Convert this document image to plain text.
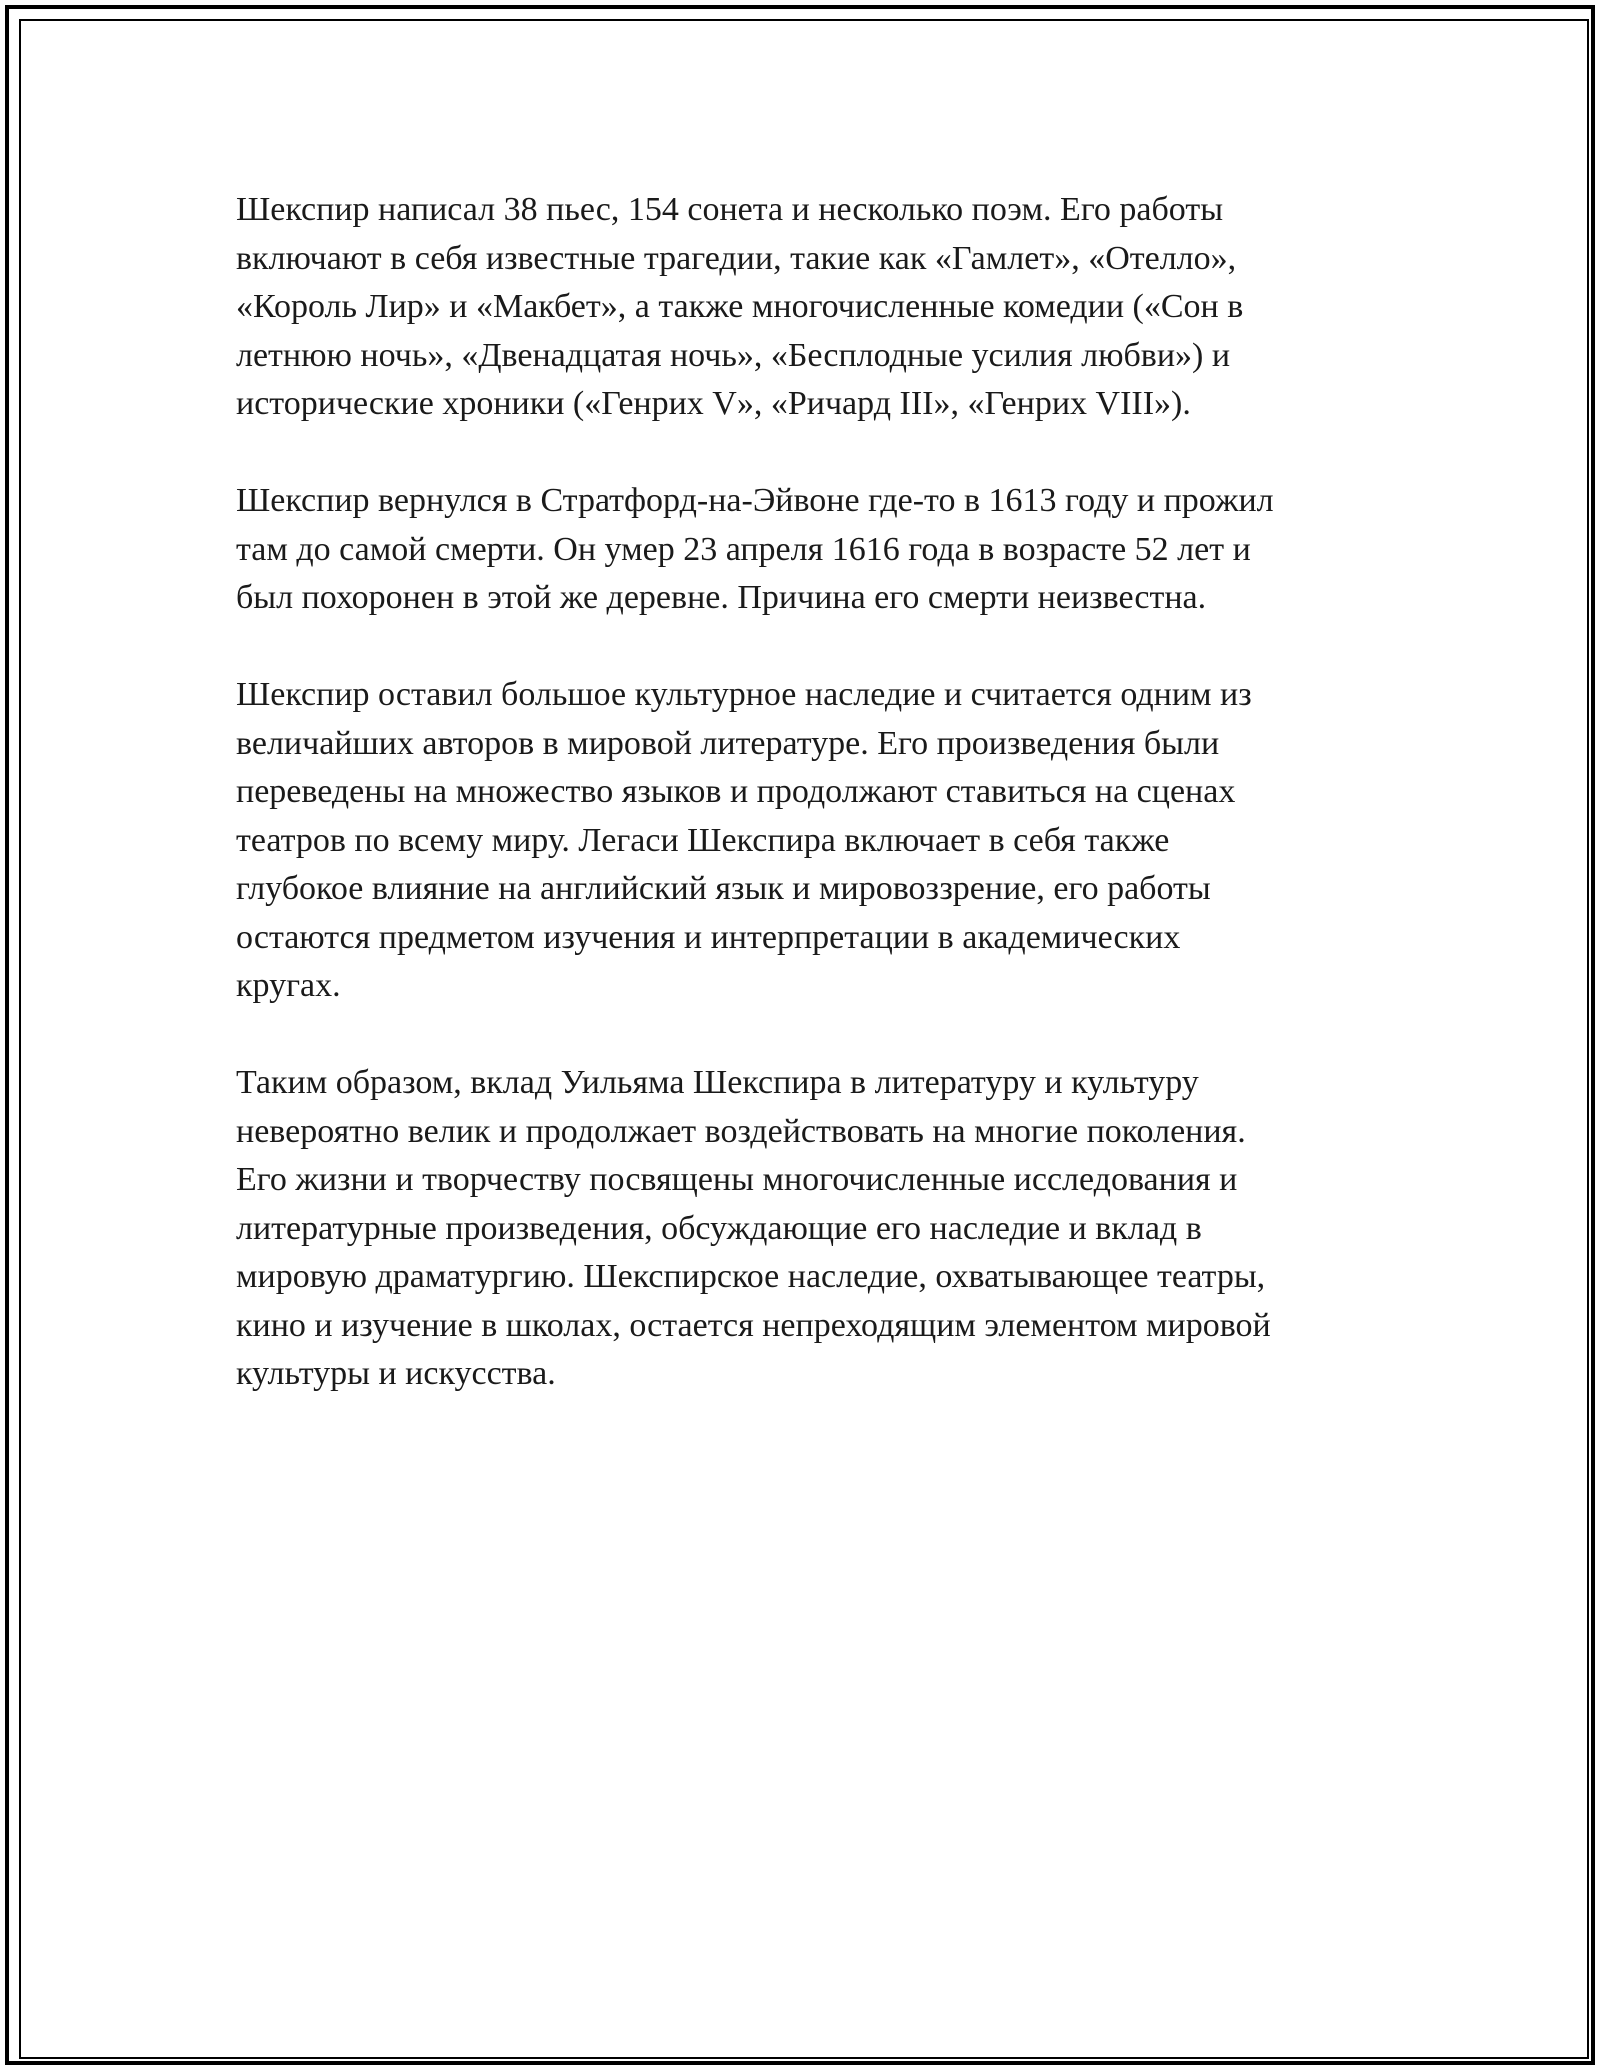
Шекспир написал 38 пьес, 154 сонета и несколько поэм. Его работы
включают в себя известные трагедии, такие как «Гамлет», «Отелло»,
«Король Лир» и «Макбет», а также многочисленные комедии («Сон в
летнюю ночь», «Двенадцатая ночь», «Бесплодные усилия любви») и
исторические хроники («Генрих V», «Ричард III», «Генрих VIII»).

Шекспир вернулся в Стратфорд-на-Эйвоне где-то в 1613 году и прожил
там до самой смерти. Он умер 23 апреля 1616 года в возрасте 52 лет и
был похоронен в этой же деревне. Причина его смерти неизвестна.

Шекспир оставил большое культурное наследие и считается одним из
величайших авторов в мировой литературе. Его произведения были
переведены на множество языков и продолжают ставиться на сценах
театров по всему миру. Легаси Шекспира включает в себя также
глубокое влияние на английский язык и мировоззрение, его работы
остаются предметом изучения и интерпретации в академических
кругах.

Таким образом, вклад Уильяма Шекспира в литературу и культуру
невероятно велик и продолжает воздействовать на многие поколения.
Его жизни и творчеству посвящены многочисленные исследования и
литературные произведения, обсуждающие его наследие и вклад в
мировую драматургию. Шекспирское наследие, охватывающее театры,
кино и изучение в школах, остается непреходящим элементом мировой
культуры и искусства.
